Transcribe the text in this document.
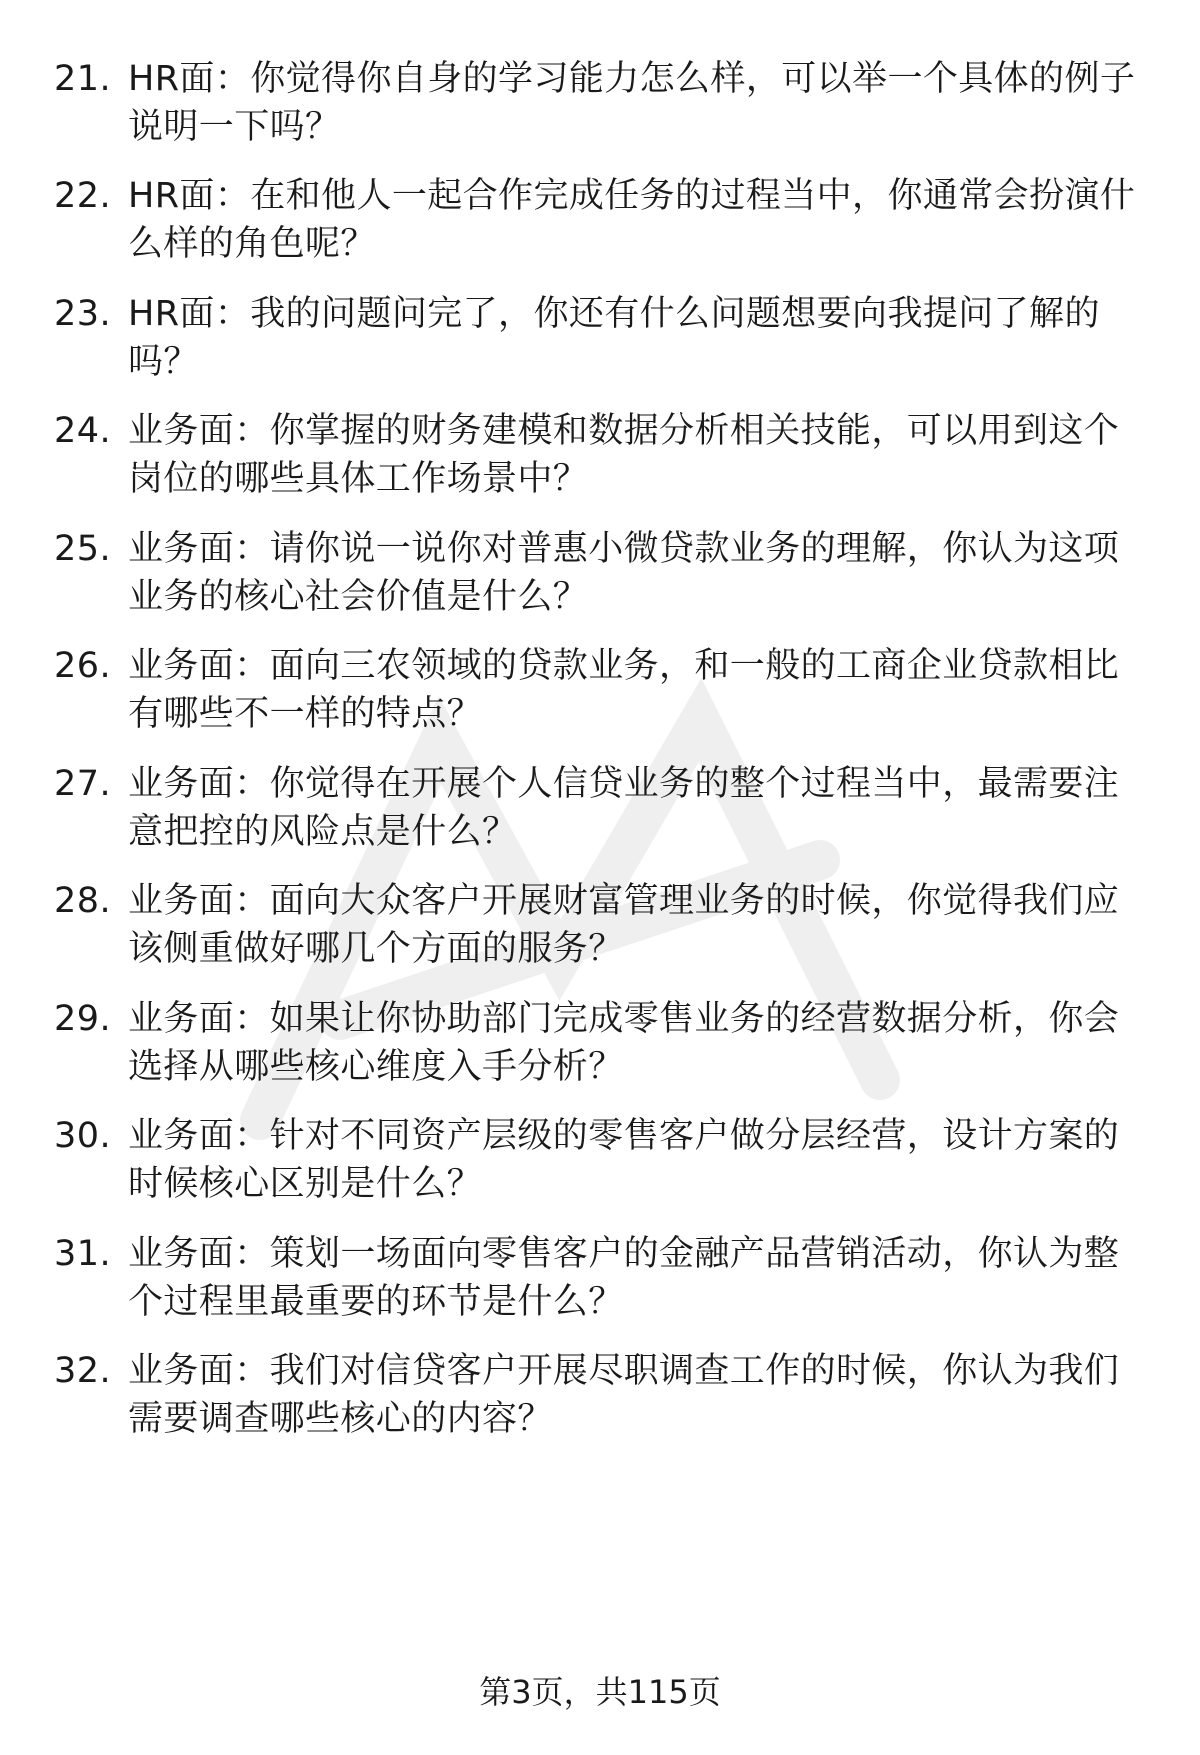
21. HR面：你觉得你自身的学习能力怎么样，可以举一个具体的例子
说明一下吗？
22. HR面：在和他人一起合作完成任务的过程当中，你通常会扮演什
么样的角色呢？
23. HR面：我的问题问完了，你还有什么问题想要向我提问了解的
吗？
24. 业务面：你掌握的财务建模和数据分析相关技能，可以用到这个
岗位的哪些具体工作场景中？
25. 业务面：请你说一说你对普惠小微贷款业务的理解，你认为这项
业务的核心社会价值是什么？
26. 业务面：面向三农领域的贷款业务，和一般的工商企业贷款相比
有哪些不一样的特点？
27. 业务面：你觉得在开展个人信贷业务的整个过程当中，最需要注
意把控的风险点是什么？
28. 业务面：面向大众客户开展财富管理业务的时候，你觉得我们应
该侧重做好哪几个方面的服务？
29. 业务面：如果让你协助部门完成零售业务的经营数据分析，你会
选择从哪些核心维度入手分析？
30. 业务面：针对不同资产层级的零售客户做分层经营，设计方案的
时候核心区别是什么？
31. 业务面：策划一场面向零售客户的金融产品营销活动，你认为整
个过程里最重要的环节是什么？
32. 业务面：我们对信贷客户开展尽职调查工作的时候，你认为我们
需要调查哪些核心的内容？
第3页，共115页
